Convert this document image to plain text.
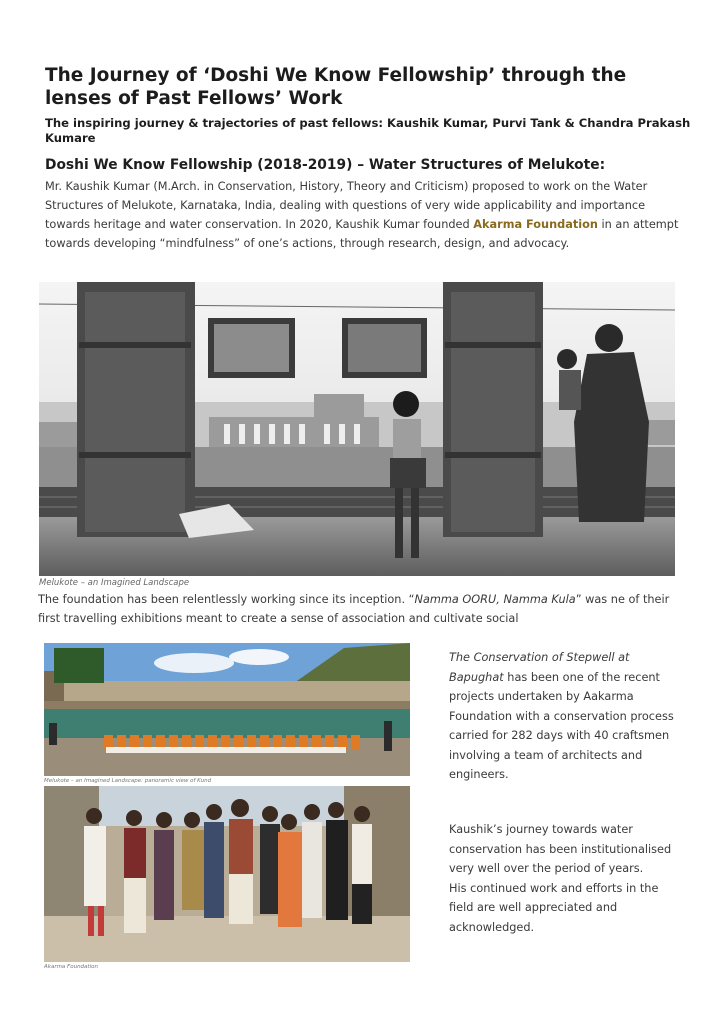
The Journey of ‘Doshi We Know Fellowship’ through the lenses of Past Fellows’ Work
The inspiring journey & trajectories of past fellows: Kaushik Kumar, Purvi Tank & Chandra Prakash Kumare
Doshi We Know Fellowship (2018-2019) – Water Structures of Melukote:
Mr. Kaushik Kumar (M.Arch. in Conservation, History, Theory and Criticism) proposed to work on the Water Structures of Melukote, Karnataka, India, dealing with questions of very wide applicability and importance towards heritage and water conservation. In 2020, Kaushik Kumar founded Akarma Foundation in an attempt towards developing “mindfulness” of one’s actions, through research, design, and advocacy.
Melukote – an Imagined Landscape
The foundation has been relentlessly working since its inception. “Namma OORU, Namma Kula” was ne of their first travelling exhibitions meant to create a sense of association and cultivate social
Melukote – an Imagined Landscape: panoramic view of Kund
Akarma Foundation

The Conservation of Stepwell at Bapughat has been one of the recent projects undertaken by Aakarma Foundation with a conservation process carried for 282 days with 40 craftsmen involving a team of architects and engineers.

Kaushik’s journey towards water conservation has been institutionalised very well over the period of years.

His continued work and efforts in the field are well appreciated and acknowledged.
